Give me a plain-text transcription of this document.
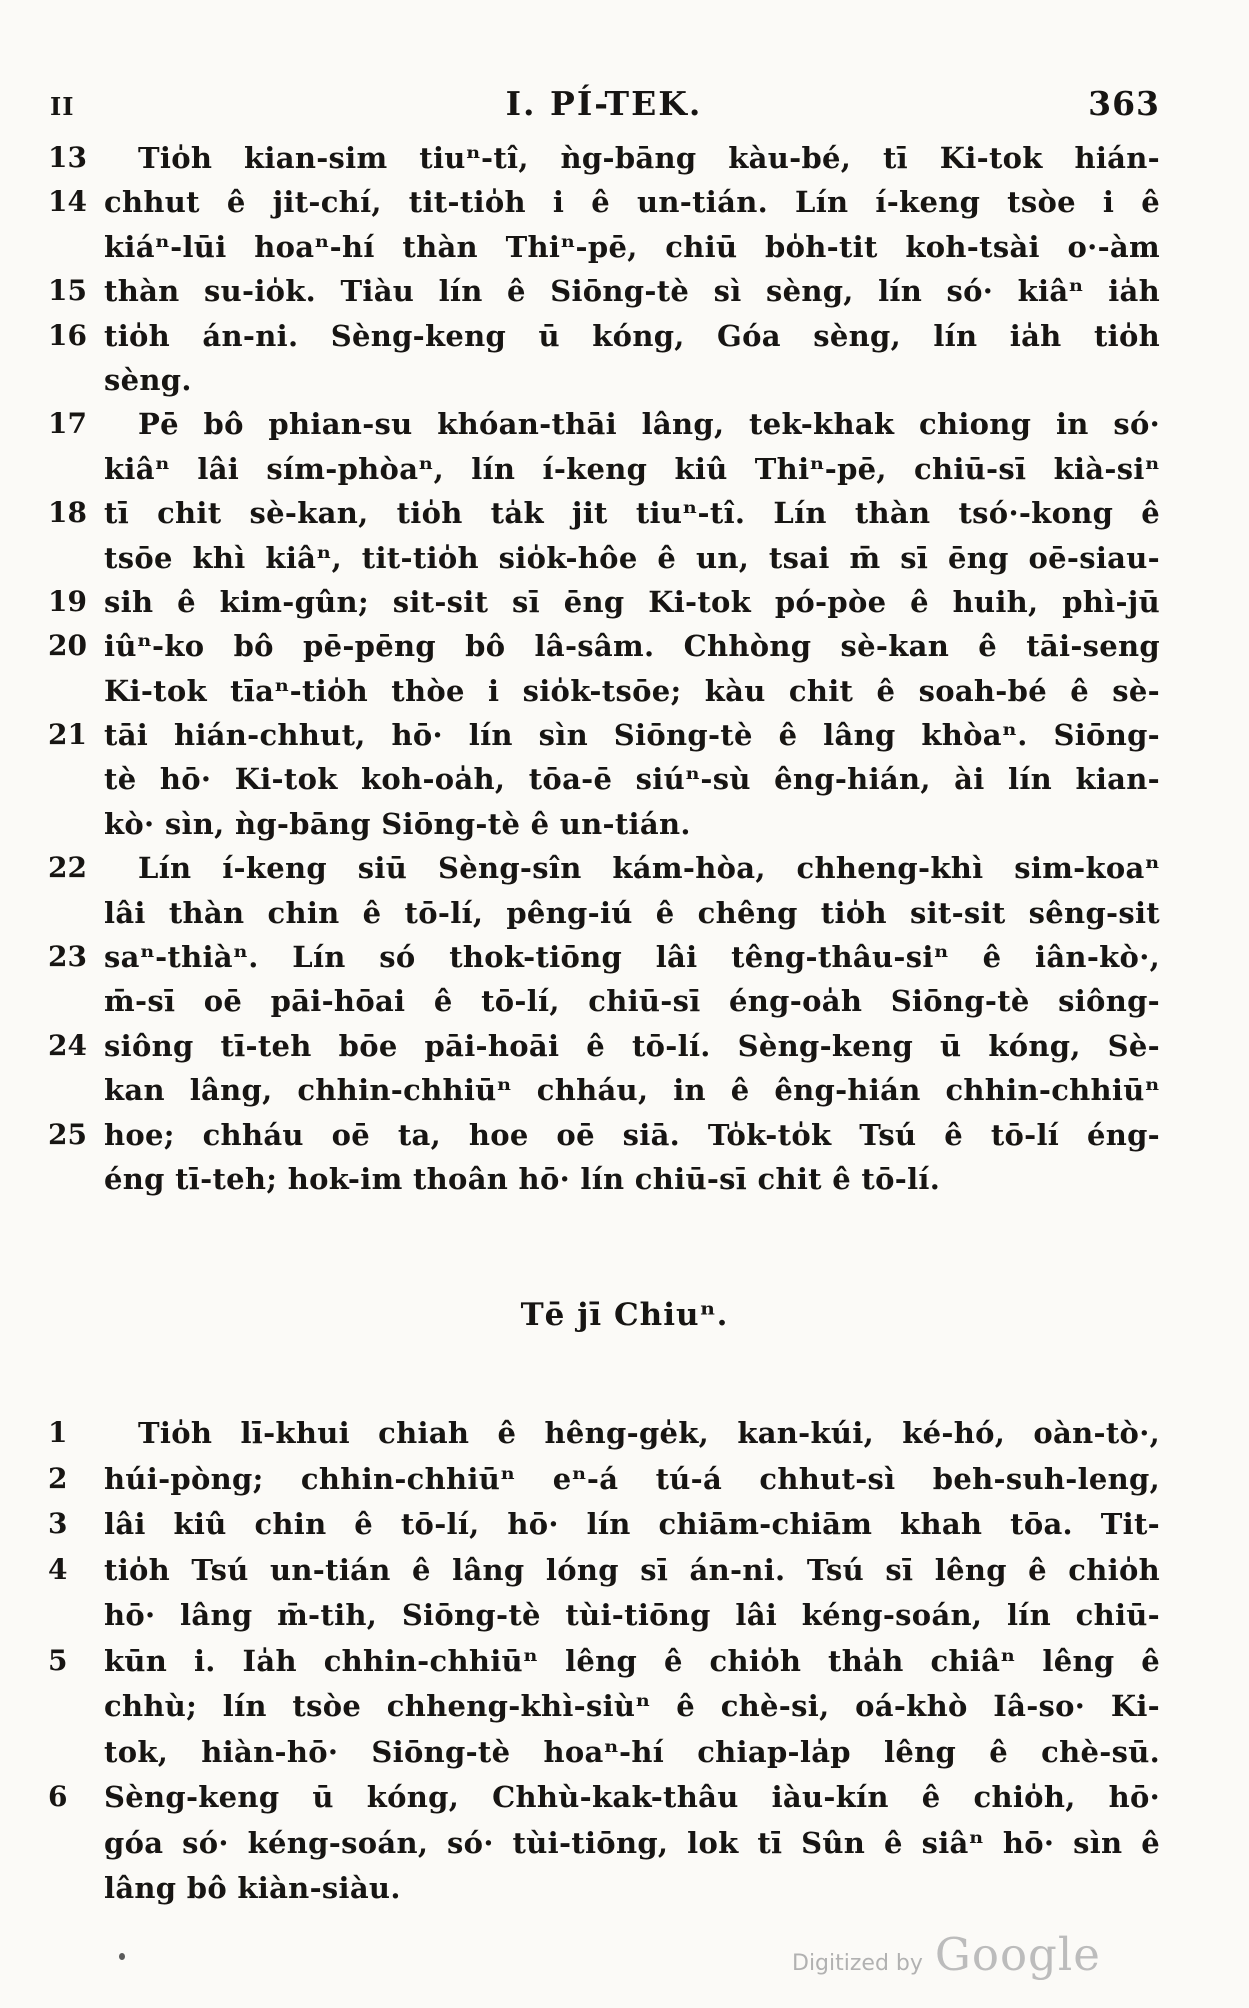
II	I. PÍ-TEK.	363
13	Tio̍h kian-sim tiuⁿ-tî, ǹg-bāng kàu-bé, tī Ki-tok hián-
14 chhut ê jit-chí, tit-tio̍h i ê un-tián. Lín í-keng tsòe i ê
kiáⁿ-lūi hoaⁿ-hí thàn Thiⁿ-pē, chiū bo̍h-tit koh-tsài o·-àm
15 thàn su-io̍k. Tiàu lín ê Siōng-tè sì sèng, lín só· kiâⁿ ia̍h
16 tio̍h án-ni. Sèng-keng ū kóng, Góa sèng, lín ia̍h tio̍h
sèng.
17	Pē bô phian-su khóan-thāi lâng, tek-khak chiong in só·
kiâⁿ lâi sím-phòaⁿ, lín í-keng kiû Thiⁿ-pē, chiū-sī kià-siⁿ
18 tī chit sè-kan, tio̍h ta̍k jit tiuⁿ-tî. Lín thàn tsó·-kong ê
tsōe khì kiâⁿ, tit-tio̍h sio̍k-hôe ê un, tsai m̄ sī ēng oē-siau-
19 sih ê kim-gûn; sit-sit sī ēng Ki-tok pó-pòe ê huih, phì-jū
20 iûⁿ-ko bô pē-pēng bô lâ-sâm. Chhòng sè-kan ê tāi-seng
Ki-tok tīaⁿ-tio̍h thòe i sio̍k-tsōe; kàu chit ê soah-bé ê sè-
21 tāi hián-chhut, hō· lín sìn Siōng-tè ê lâng khòaⁿ. Siōng-
tè hō· Ki-tok koh-oa̍h, tōa-ē siúⁿ-sù êng-hián, ài lín kian-
kò· sìn, ǹg-bāng Siōng-tè ê un-tián.
22	Lín í-keng siū Sèng-sîn kám-hòa, chheng-khì sim-koaⁿ
lâi thàn chin ê tō-lí, pêng-iú ê chêng tio̍h sit-sit sêng-sit
23 saⁿ-thiàⁿ. Lín só thok-tiōng lâi têng-thâu-siⁿ ê iân-kò·,
m̄-sī oē pāi-hōai ê tō-lí, chiū-sī éng-oa̍h Siōng-tè siông-
24 siông tī-teh bōe pāi-hoāi ê tō-lí. Sèng-keng ū kóng, Sè-
kan lâng, chhin-chhiūⁿ chháu, in ê êng-hián chhin-chhiūⁿ
25 hoe; chháu oē ta, hoe oē siā. To̍k-to̍k Tsú ê tō-lí éng-
éng tī-teh; hok-im thoân hō· lín chiū-sī chit ê tō-lí.
Tē jī Chiuⁿ.
1	Tio̍h lī-khui chiah ê hêng-ge̍k, kan-kúi, ké-hó, oàn-tò·,
2 húi-pòng; chhin-chhiūⁿ eⁿ-á tú-á chhut-sì beh-suh-leng,
3 lâi kiû chin ê tō-lí, hō· lín chiām-chiām khah tōa. Tit-
4 tio̍h Tsú un-tián ê lâng lóng sī án-ni. Tsú sī lêng ê chio̍h
hō· lâng m̄-tih, Siōng-tè tùi-tiōng lâi kéng-soán, lín chiū-
5 kūn i. Ia̍h chhin-chhiūⁿ lêng ê chio̍h tha̍h chiâⁿ lêng ê
chhù; lín tsòe chheng-khì-siùⁿ ê chè-si, oá-khò Iâ-so· Ki-
tok, hiàn-hō· Siōng-tè hoaⁿ-hí chiap-la̍p lêng ê chè-sū.
6 Sèng-keng ū kóng, Chhù-kak-thâu iàu-kín ê chio̍h, hō·
góa só· kéng-soán, só· tùi-tiōng, lok tī Sûn ê siâⁿ hō· sìn ê
lâng bô kiàn-siàu.
Digitized by Google
